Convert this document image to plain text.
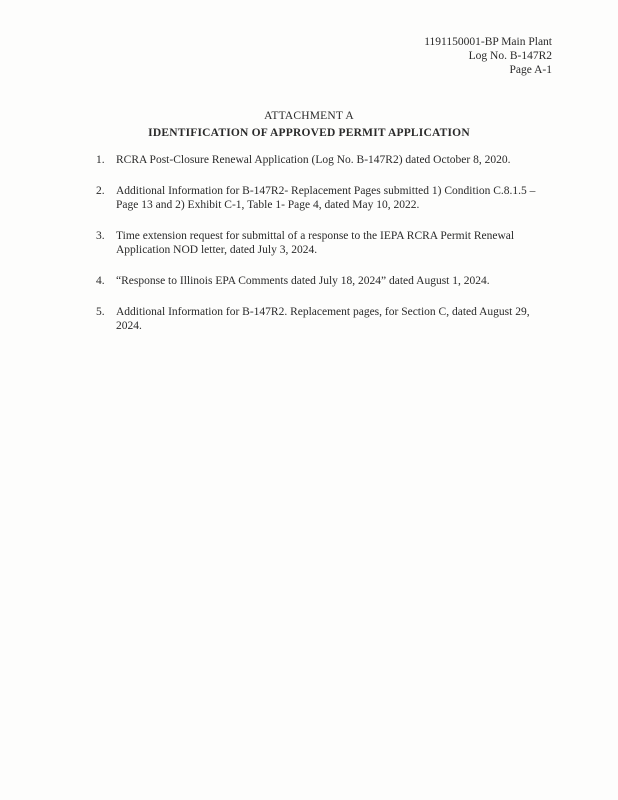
1191150001-BP Main Plant
Log No. B-147R2
Page A-1
ATTACHMENT A
IDENTIFICATION OF APPROVED PERMIT APPLICATION
1. RCRA Post-Closure Renewal Application (Log No. B-147R2) dated October 8, 2020.
2. Additional Information for B-147R2- Replacement Pages submitted 1) Condition C.8.1.5 – Page 13 and 2) Exhibit C-1, Table 1- Page 4, dated May 10, 2022.
3. Time extension request for submittal of a response to the IEPA RCRA Permit Renewal Application NOD letter, dated July 3, 2024.
4. “Response to Illinois EPA Comments dated July 18, 2024” dated August 1, 2024.
5. Additional Information for B-147R2. Replacement pages, for Section C, dated August 29, 2024.
